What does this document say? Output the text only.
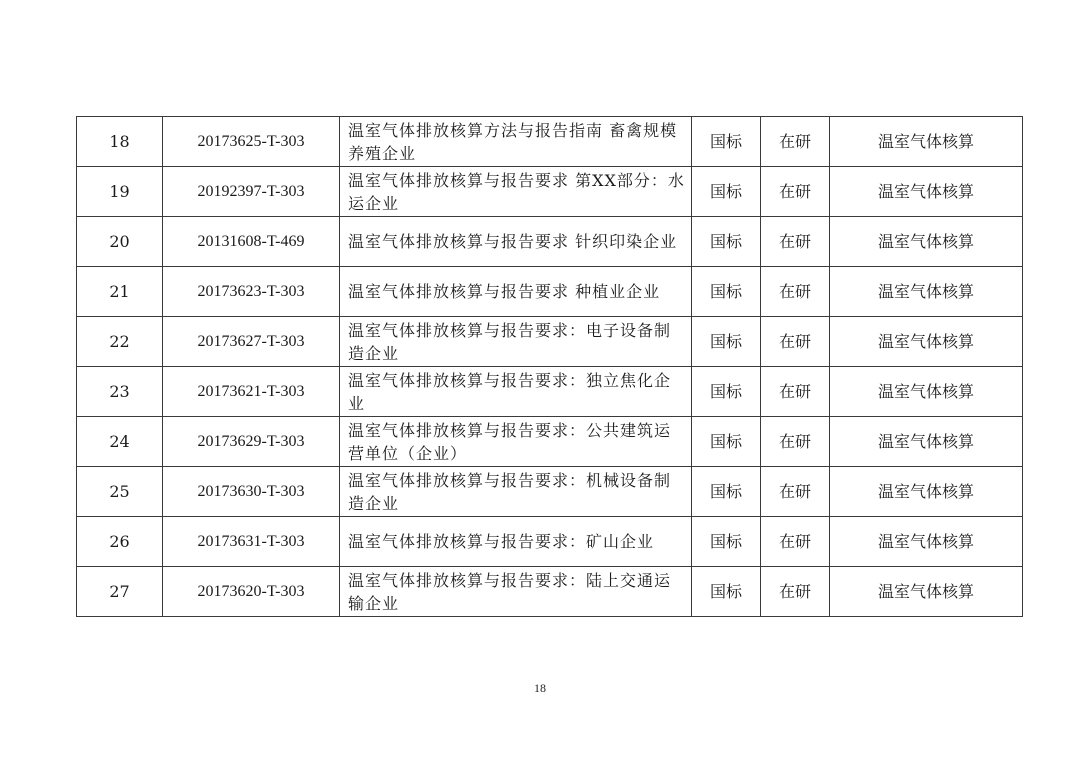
18	20173625-T-303	温室气体排放核算方法与报告指南 畜禽规模养殖企业	国标	在研	温室气体核算
19	20192397-T-303	温室气体排放核算与报告要求 第XX部分：水运企业	国标	在研	温室气体核算
20	20131608-T-469	温室气体排放核算与报告要求 针织印染企业	国标	在研	温室气体核算
21	20173623-T-303	温室气体排放核算与报告要求 种植业企业	国标	在研	温室气体核算
22	20173627-T-303	温室气体排放核算与报告要求：电子设备制造企业	国标	在研	温室气体核算
23	20173621-T-303	温室气体排放核算与报告要求：独立焦化企业	国标	在研	温室气体核算
24	20173629-T-303	温室气体排放核算与报告要求：公共建筑运营单位（企业）	国标	在研	温室气体核算
25	20173630-T-303	温室气体排放核算与报告要求：机械设备制造企业	国标	在研	温室气体核算
26	20173631-T-303	温室气体排放核算与报告要求：矿山企业	国标	在研	温室气体核算
27	20173620-T-303	温室气体排放核算与报告要求：陆上交通运输企业	国标	在研	温室气体核算
18
